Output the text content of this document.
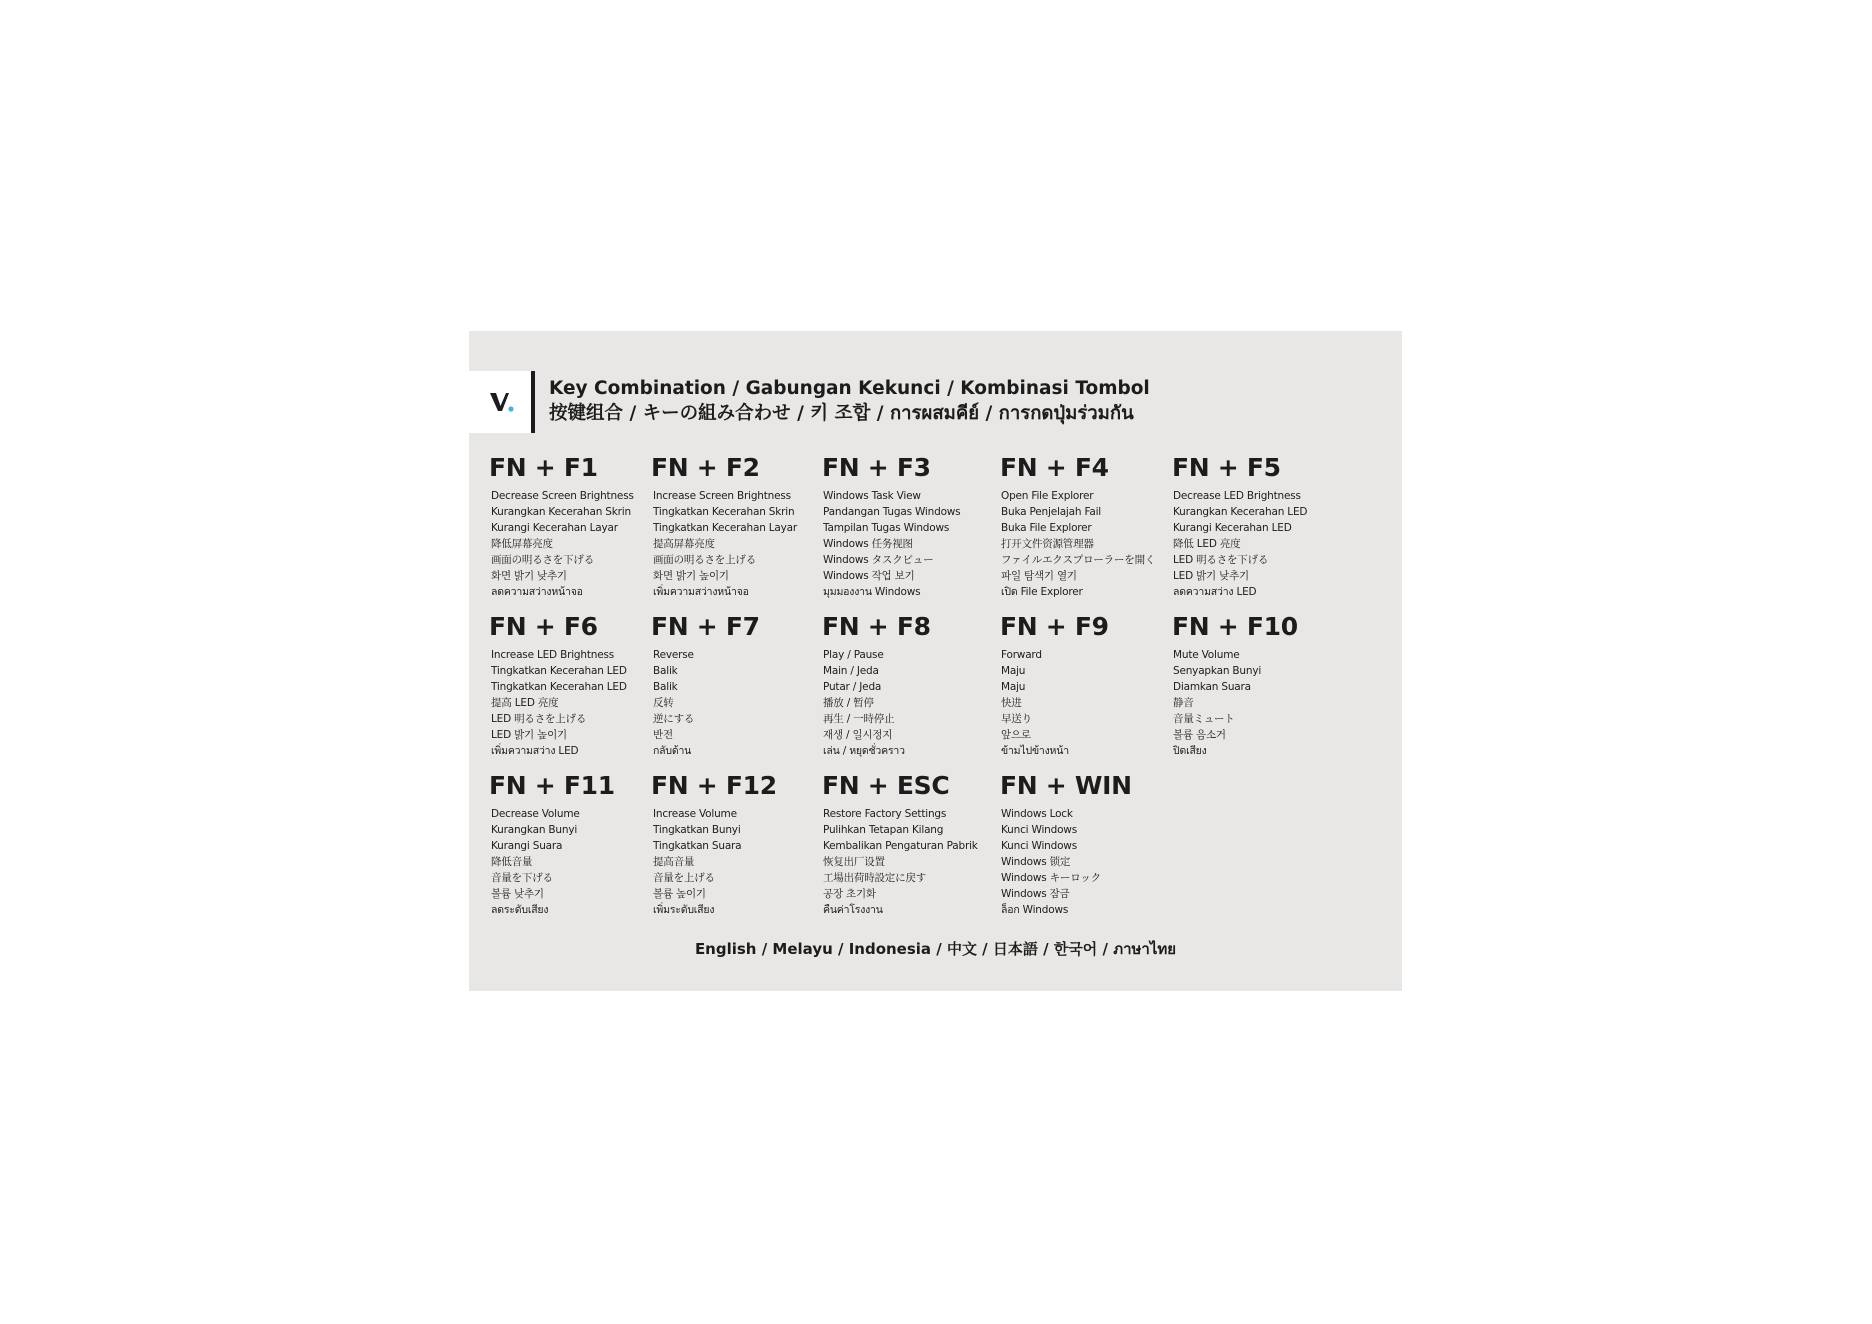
Key Combination / Gabungan Kekunci / Kombinasi Tombol
按键组合 / キーの組み合わせ / 키 조합 / การผสมคีย์ / การกดปุ่มร่วมกัน
FN + F1
Decrease Screen Brightness
Kurangkan Kecerahan Skrin
Kurangi Kecerahan Layar
降低屏幕亮度
画面の明るさを下げる
화면 밝기 낮추기
ลดความสว่างหน้าจอ
FN + F2
Increase Screen Brightness
Tingkatkan Kecerahan Skrin
Tingkatkan Kecerahan Layar
提高屏幕亮度
画面の明るさを上げる
화면 밝기 높이기
เพิ่มความสว่างหน้าจอ
FN + F3
Windows Task View
Pandangan Tugas Windows
Tampilan Tugas Windows
Windows 任务视图
Windows タスクビュー
Windows 작업 보기
มุมมองงาน Windows
FN + F4
Open File Explorer
Buka Penjelajah Fail
Buka File Explorer
打开文件资源管理器
ファイルエクスプローラーを開く
파일 탐색기 열기
เปิด File Explorer
FN + F5
Decrease LED Brightness
Kurangkan Kecerahan LED
Kurangi Kecerahan LED
降低 LED 亮度
LED 明るさを下げる
LED 밝기 낮추기
ลดความสว่าง LED
FN + F6
Increase LED Brightness
Tingkatkan Kecerahan LED
Tingkatkan Kecerahan LED
提高 LED 亮度
LED 明るさを上げる
LED 밝기 높이기
เพิ่มความสว่าง LED
FN + F7
Reverse
Balik
Balik
反转
逆にする
반전
กลับด้าน
FN + F8
Play / Pause
Main / Jeda
Putar / Jeda
播放 / 暂停
再生 / 一時停止
재생 / 일시정지
เล่น / หยุดชั่วคราว
FN + F9
Forward
Maju
Maju
快进
早送り
앞으로
ข้ามไปข้างหน้า
FN + F10
Mute Volume
Senyapkan Bunyi
Diamkan Suara
静音
音量ミュート
볼륨 음소거
ปิดเสียง
FN + F11
Decrease Volume
Kurangkan Bunyi
Kurangi Suara
降低音量
音量を下げる
볼륨 낮추기
ลดระดับเสียง
FN + F12
Increase Volume
Tingkatkan Bunyi
Tingkatkan Suara
提高音量
音量を上げる
볼륨 높이기
เพิ่มระดับเสียง
FN + ESC
Restore Factory Settings
Pulihkan Tetapan Kilang
Kembalikan Pengaturan Pabrik
恢复出厂设置
工場出荷時設定に戻す
공장 초기화
คืนค่าโรงงาน
FN + WIN
Windows Lock
Kunci Windows
Kunci Windows
Windows 锁定
Windows キーロック
Windows 잠금
ล็อก Windows
English / Melayu / Indonesia / 中文 / 日本語 / 한국어 / ภาษาไทย
